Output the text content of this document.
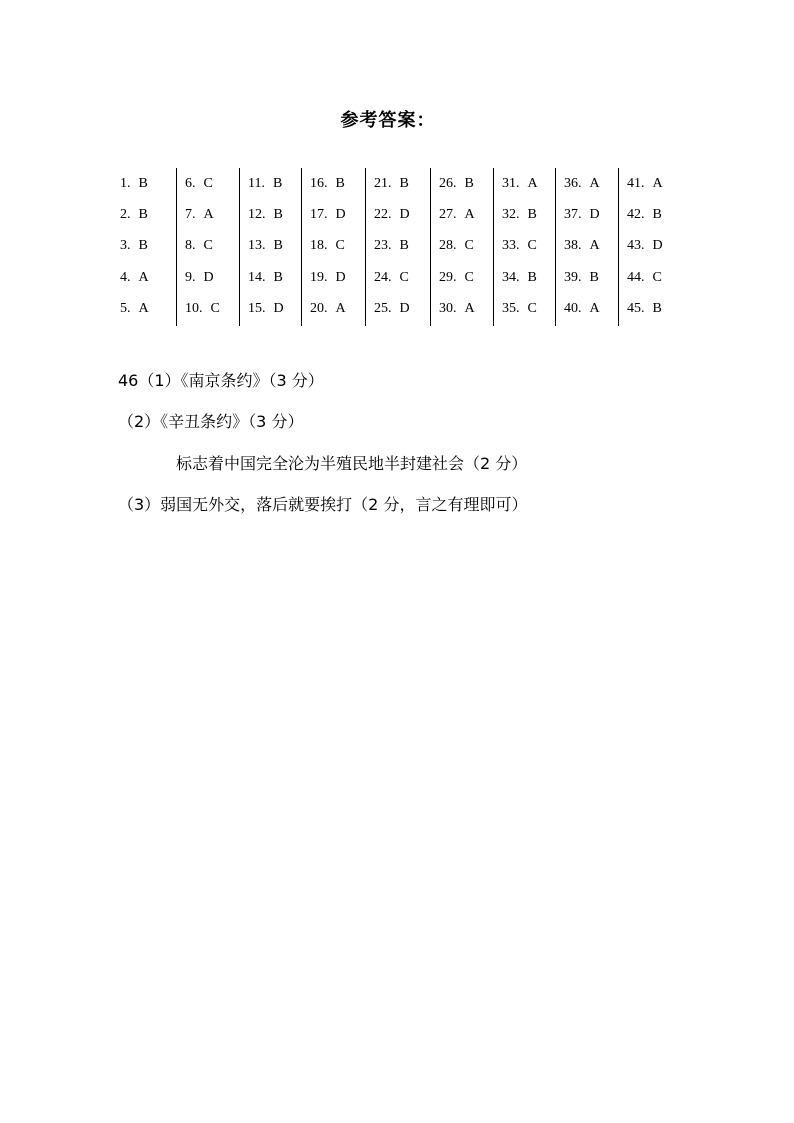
参考答案：
1. B
2. B
3. B
4. A
5. A
6. C
7. A
8. C
9. D
10. C
11. B
12. B
13. B
14. B
15. D
16. B
17. D
18. C
19. D
20. A
21. B
22. D
23. B
24. C
25. D
26. B
27. A
28. C
29. C
30. A
31. A
32. B
33. C
34. B
35. C
36. A
37. D
38. A
39. B
40. A
41. A
42. B
43. D
44. C
45. B
46（1）《南京条约》（3 分）
（2）《辛丑条约》（3 分）
标志着中国完全沦为半殖民地半封建社会（2 分）
（3）弱国无外交，落后就要挨打（2 分，言之有理即可）
